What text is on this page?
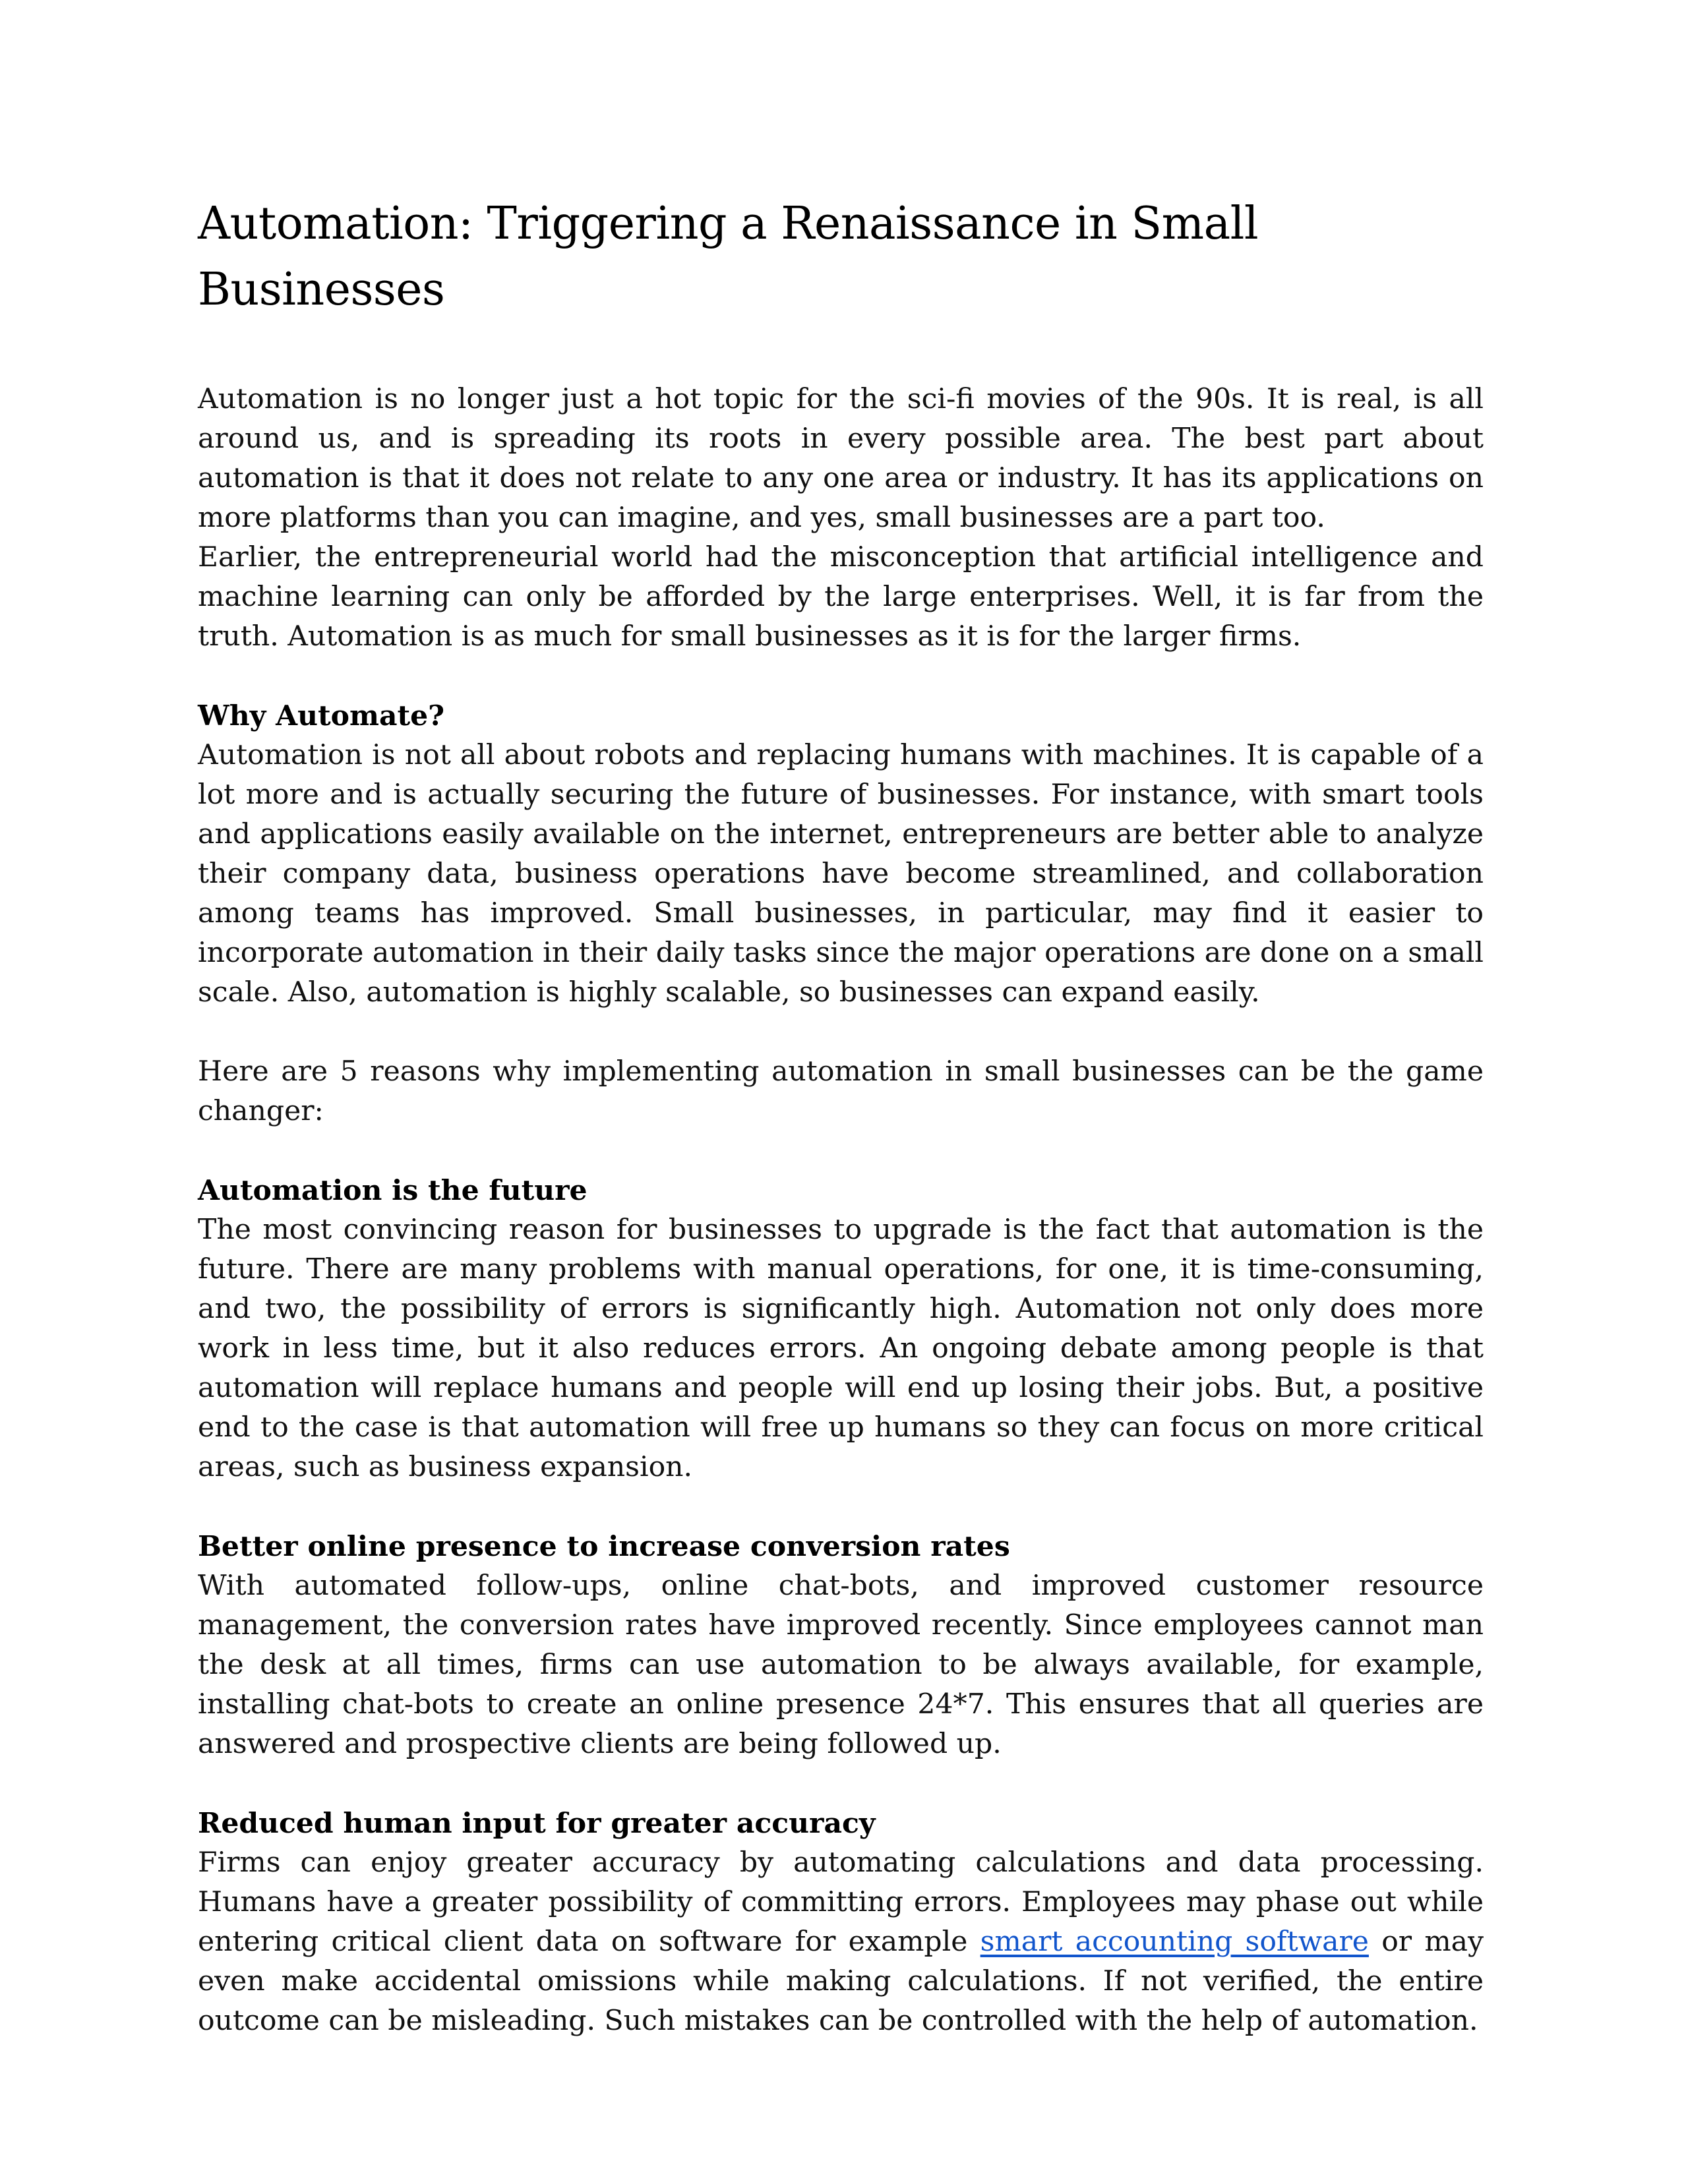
Automation: Triggering a Renaissance in Small Businesses

Automation is no longer just a hot topic for the sci-fi movies of the 90s. It is real, is all around us, and is spreading its roots in every possible area. The best part about automation is that it does not relate to any one area or industry. It has its applications on more platforms than you can imagine, and yes, small businesses are a part too.

Earlier, the entrepreneurial world had the misconception that artificial intelligence and machine learning can only be afforded by the large enterprises. Well, it is far from the truth. Automation is as much for small businesses as it is for the larger firms.

Why Automate?

Automation is not all about robots and replacing humans with machines. It is capable of a lot more and is actually securing the future of businesses. For instance, with smart tools and applications easily available on the internet, entrepreneurs are better able to analyze their company data, business operations have become streamlined, and collaboration among teams has improved. Small businesses, in particular, may find it easier to incorporate automation in their daily tasks since the major operations are done on a small scale. Also, automation is highly scalable, so businesses can expand easily.

Here are 5 reasons why implementing automation in small businesses can be the game changer:

Automation is the future

The most convincing reason for businesses to upgrade is the fact that automation is the future. There are many problems with manual operations, for one, it is time-consuming, and two, the possibility of errors is significantly high. Automation not only does more work in less time, but it also reduces errors. An ongoing debate among people is that automation will replace humans and people will end up losing their jobs. But, a positive end to the case is that automation will free up humans so they can focus on more critical areas, such as business expansion.

Better online presence to increase conversion rates

With automated follow-ups, online chat-bots, and improved customer resource management, the conversion rates have improved recently. Since employees cannot man the desk at all times, firms can use automation to be always available, for example, installing chat-bots to create an online presence 24*7. This ensures that all queries are answered and prospective clients are being followed up.

Reduced human input for greater accuracy

Firms can enjoy greater accuracy by automating calculations and data processing. Humans have a greater possibility of committing errors. Employees may phase out while entering critical client data on software for example smart accounting software or may even make accidental omissions while making calculations. If not verified, the entire outcome can be misleading. Such mistakes can be controlled with the help of automation.
